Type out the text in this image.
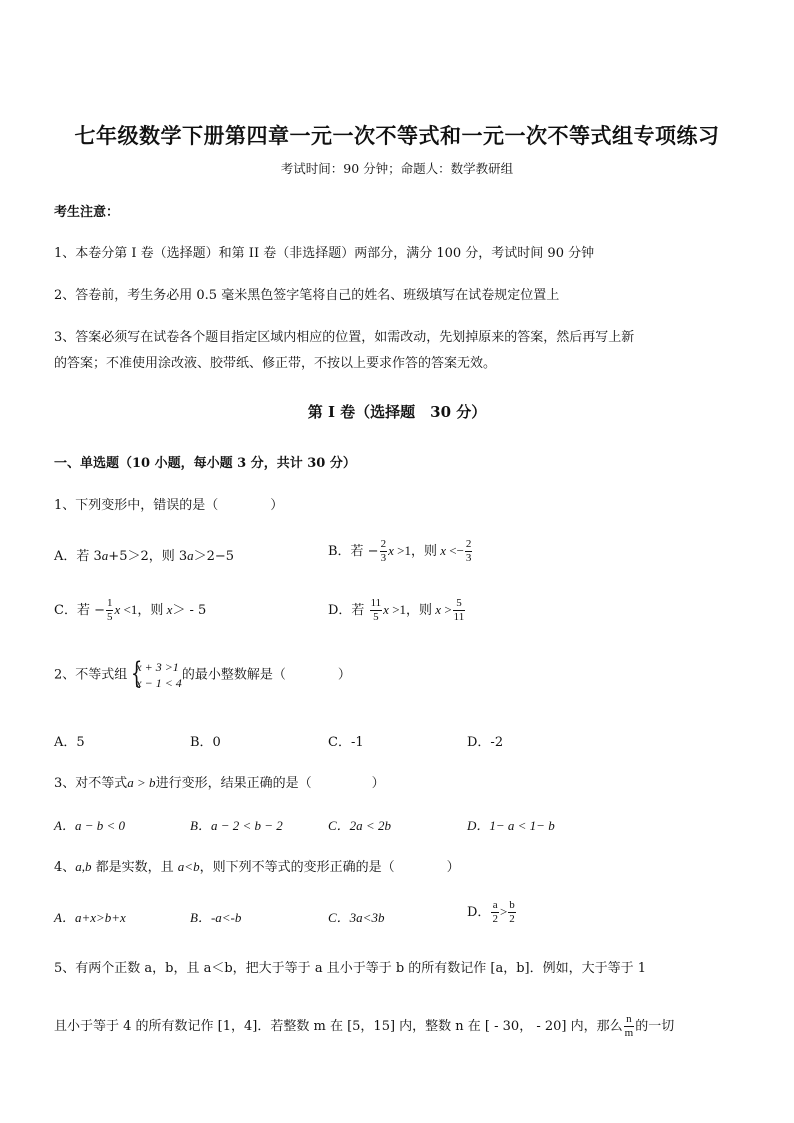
七年级数学下册第四章一元一次不等式和一元一次不等式组专项练习
考试时间：90 分钟；命题人：数学教研组
考生注意：
1、本卷分第 I 卷（选择题）和第 II 卷（非选择题）两部分，满分 100 分，考试时间 90 分钟
2、答卷前，考生务必用 0.5 毫米黑色签字笔将自己的姓名、班级填写在试卷规定位置上
3、答案必须写在试卷各个题目指定区域内相应的位置，如需改动，先划掉原来的答案，然后再写上新
的答案；不准使用涂改液、胶带纸、修正带，不按以上要求作答的答案无效。
第 I 卷（选择题　30 分）
一、单选题（10 小题，每小题 3 分，共计 30 分）
1、下列变形中，错误的是（	）
A．若 3a+5＞2，则 3a＞2−5	B．若 − $\frac{2}{3}$ x >1，则 $x <- \frac{2}{3}$
C．若 − $\frac{1}{5}$ x <1，则 x＞ - 5	D．若 $\frac{11}{5}$ x >1，则 $x > \frac{5}{11}$
2、不等式组 {
x + 3 >1
x − 1 < 4
的最小整数解是（	）
A．5	B．0	C．-1	D．-2
3、对不等式a > b进行变形，结果正确的是（	）
A．a − b < 0	B．a − 2 < b − 2	C．2a < 2b	D．1− a < 1− b
4、a,b 都是实数，且 a<b，则下列不等式的变形正确的是（	）
A．a+x>b+x	B．-a<-b	C．3a<3b	D． $\frac{a}{2} > \frac{b}{2}$
5、有两个正数 a，b，且 a＜b，把大于等于 a 且小于等于 b 的所有数记作 [a，b]．例如，大于等于 1
且小于等于 4 的所有数记作 [1，4]．若整数 m 在 [5，15] 内，整数 n 在 [ - 30， - 20] 内，那么 $\frac{n}{m}$ 的一切
